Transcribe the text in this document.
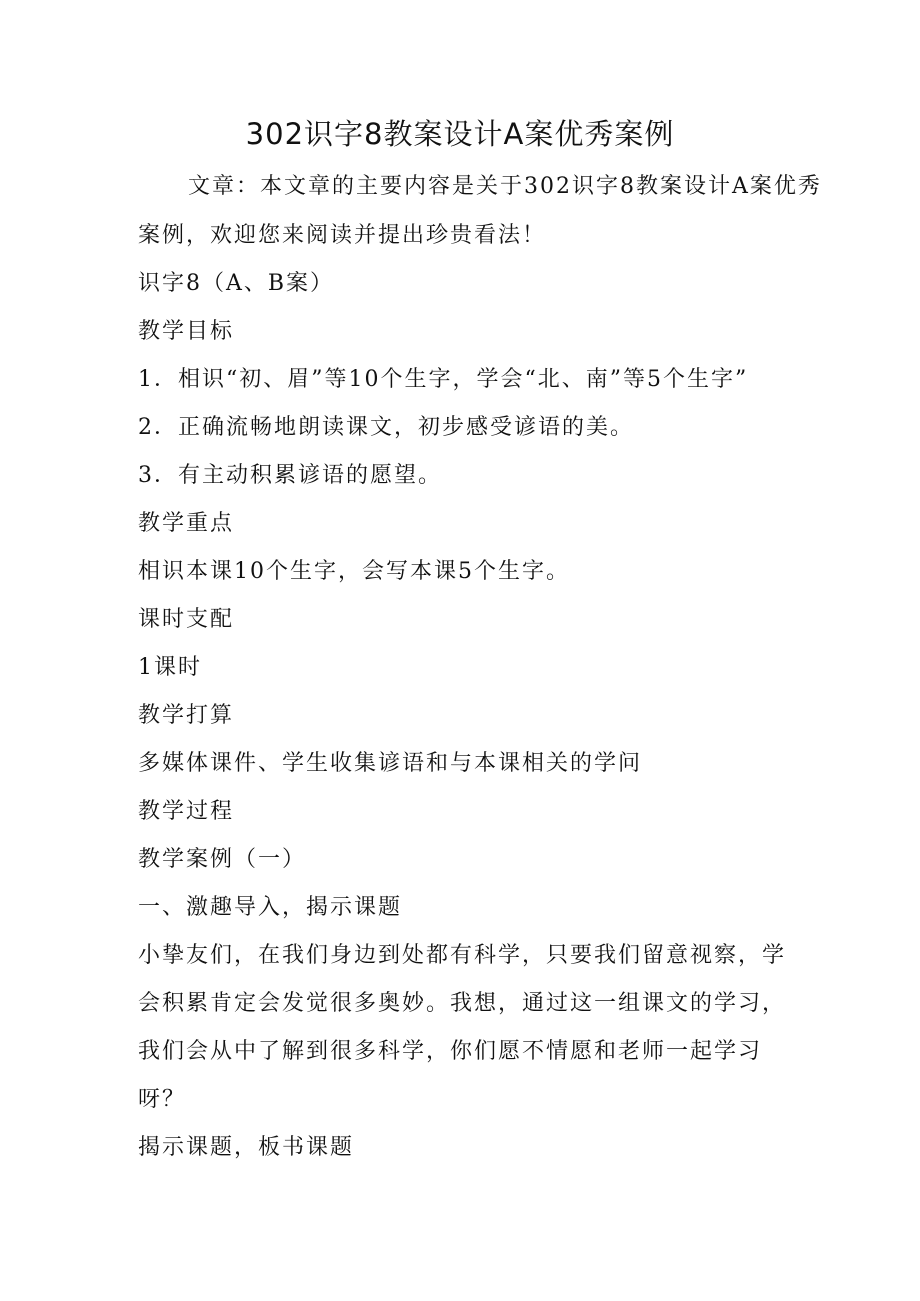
302识字8教案设计A案优秀案例
文章：本文章的主要内容是关于302识字8教案设计A案优秀
案例，欢迎您来阅读并提出珍贵看法！
识字8（A、B案）
教学目标
1．相识“初、眉”等10个生字，学会“北、南”等5个生字”
2．正确流畅地朗读课文，初步感受谚语的美。
3．有主动积累谚语的愿望。
教学重点
相识本课10个生字，会写本课5个生字。
课时支配
1课时
教学打算
多媒体课件、学生收集谚语和与本课相关的学问
教学过程
教学案例（一）
一、激趣导入，揭示课题
小挚友们，在我们身边到处都有科学，只要我们留意视察，学
会积累肯定会发觉很多奥妙。我想，通过这一组课文的学习，
我们会从中了解到很多科学，你们愿不情愿和老师一起学习
呀？
揭示课题，板书课题
